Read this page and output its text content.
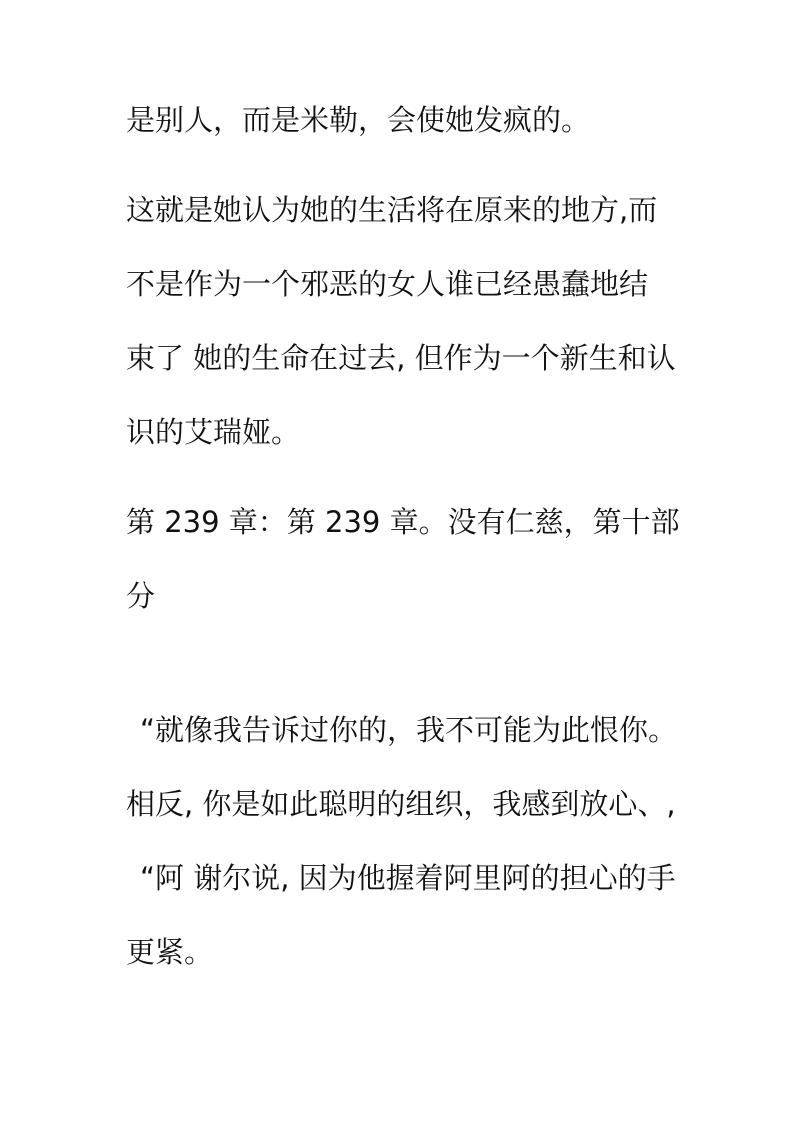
是别人，而是米勒，会使她发疯的。
这就是她认为她的生活将在原来的地方,而
不是作为一个邪恶的女人谁已经愚蠢地结
束了 她的生命在过去, 但作为一个新生和认
识的艾瑞娅。
第 239 章：第 239 章。没有仁慈，第十部
分
“就像我告诉过你的，我不可能为此恨你。
相反, 你是如此聪明的组织，我感到放心、,
“阿 谢尔说, 因为他握着阿里阿的担心的手
更紧。
